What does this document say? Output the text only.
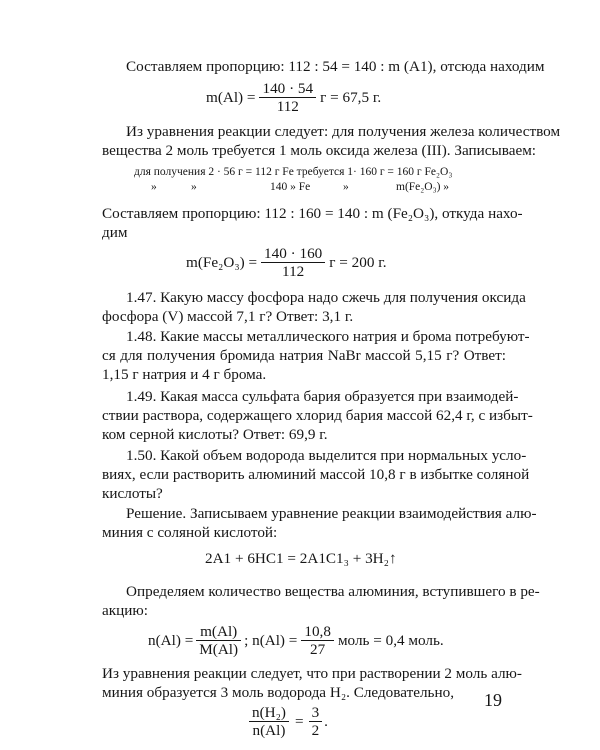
Составляем пропорцию: 112 : 54 = 140 : m (A1), отсюда находим
$m(Al) = \frac{140 \cdot 54}{112}$ г = 67,5 г.
Из уравнения реакции следует: для получения железа количеством
вещества 2 моль требуется 1 моль оксида железа (III). Записываем:
для получения 2 · 56 г = 112 г Fe требуется 1· 160 г = 160 г Fe₂O₃
»	»	140 » Fe	»	m(Fe₂O₃) »
Составляем пропорцию: 112 : 160 = 140 : m (Fe₂O₃), откуда нахо-
дим
$m(Fe_2O_3) = \frac{140 \cdot 160}{112}$ г = 200 г.
1.47. Какую массу фосфора надо сжечь для получения оксида
фосфора (V) массой 7,1 г? Ответ: 3,1 г.
1.48. Какие массы металлического натрия и брома потребуют-
ся для получения бромида натрия NaBr массой 5,15 г? Ответ:
1,15 г натрия и 4 г брома.
1.49. Какая масса сульфата бария образуется при взаимодей-
ствии раствора, содержащего хлорид бария массой 62,4 г, с избыт-
ком серной кислоты? Ответ: 69,9 г.
1.50. Какой объем водорода выделится при нормальных усло-
виях, если растворить алюминий массой 10,8 г в избытке соляной
кислоты?
Решение. Записываем уравнение реакции взаимодействия алю-
миния с соляной кислотой:
2A1 + 6HC1 = 2A1C1₃ + 3H₂↑
Определяем количество вещества алюминия, вступившего в ре-
акцию:
$n(Al) = \frac{m(Al)}{M(Al)}$ ; $n(Al) = \frac{10,8}{27}$ моль = 0,4 моль.
Из уравнения реакции следует, что при растворении 2 моль алю-
миния образуется 3 моль водорода H₂. Следовательно,
$\frac{\text{n(H₂)}}{n(Al)} = \frac{3}{2}$ .
19
